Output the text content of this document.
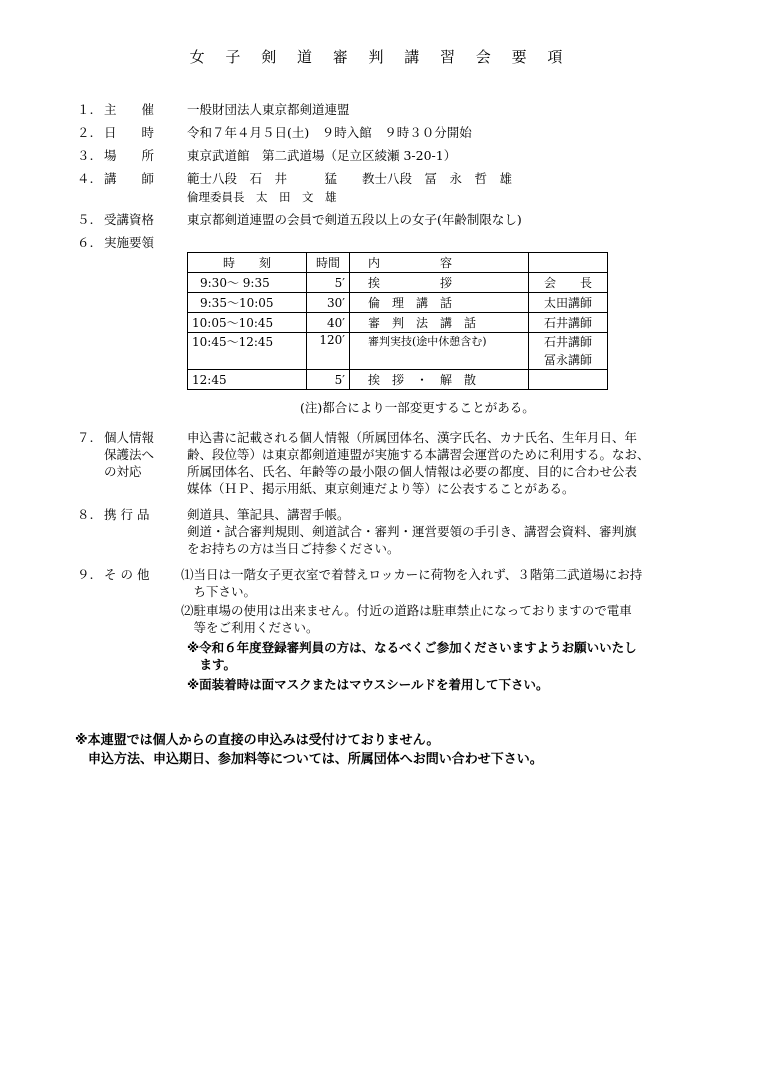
女 子 剣 道 審 判 講 習 会 要 項
１. 主　　催	一般財団法人東京都剣道連盟
２. 日　　時	令和７年４月５日(土)　９時入館　９時３０分開始
３. 場　　所	東京武道館　第二武道場（足立区綾瀬 3-20-1）
４. 講　　師	範士八段　石　井　　　猛　　教士八段　冨　永　哲　雄
倫理委員長　太　田　文　雄
５. 受講資格	東京都剣道連盟の会員で剣道五段以上の女子(年齢制限なし)
６. 実施要領
時　　刻	時間	内　　　　　容	
9:30～ 9:35	5′	挨　　　　　拶	会　　長
9:35～10:05	30′	倫　理　講　話	太田講師
10:05～10:45	40′	審　判　法　講　話	石井講師
10:45～12:45	120′	審判実技(途中休憩含む)	石井講師
冨永講師

12:45	5′	挨　拶　・　解　散	
(注)都合により一部変更することがある。
７. 個人情報	申込書に記載される個人情報（所属団体名、漢字氏名、カナ氏名、生年月日、年
保護法へ	齢、段位等）は東京都剣道連盟が実施する本講習会運営のために利用する。なお、
の対応	所属団体名、氏名、年齢等の最小限の個人情報は必要の都度、目的に合わせ公表
媒体（ＨＰ、掲示用紙、東京剣連だより等）に公表することがある。
８. 携 行 品	剣道具、筆記具、講習手帳。
剣道・試合審判規則、剣道試合・審判・運営要領の手引き、講習会資料、審判旗
をお持ちの方は当日ご持参ください。
９. そ の 他	⑴当日は一階女子更衣室で着替えロッカーに荷物を入れず、３階第二武道場にお持
　ち下さい。
⑵駐車場の使用は出来ません。付近の道路は駐車禁止になっておりますので電車
　等をご利用ください。
※令和６年度登録審判員の方は、なるべくご参加くださいますようお願いいたし
　ます。
※面装着時は面マスクまたはマウスシールドを着用して下さい。
※本連盟では個人からの直接の申込みは受付けておりません。
　申込方法、申込期日、参加料等については、所属団体へお問い合わせ下さい。
